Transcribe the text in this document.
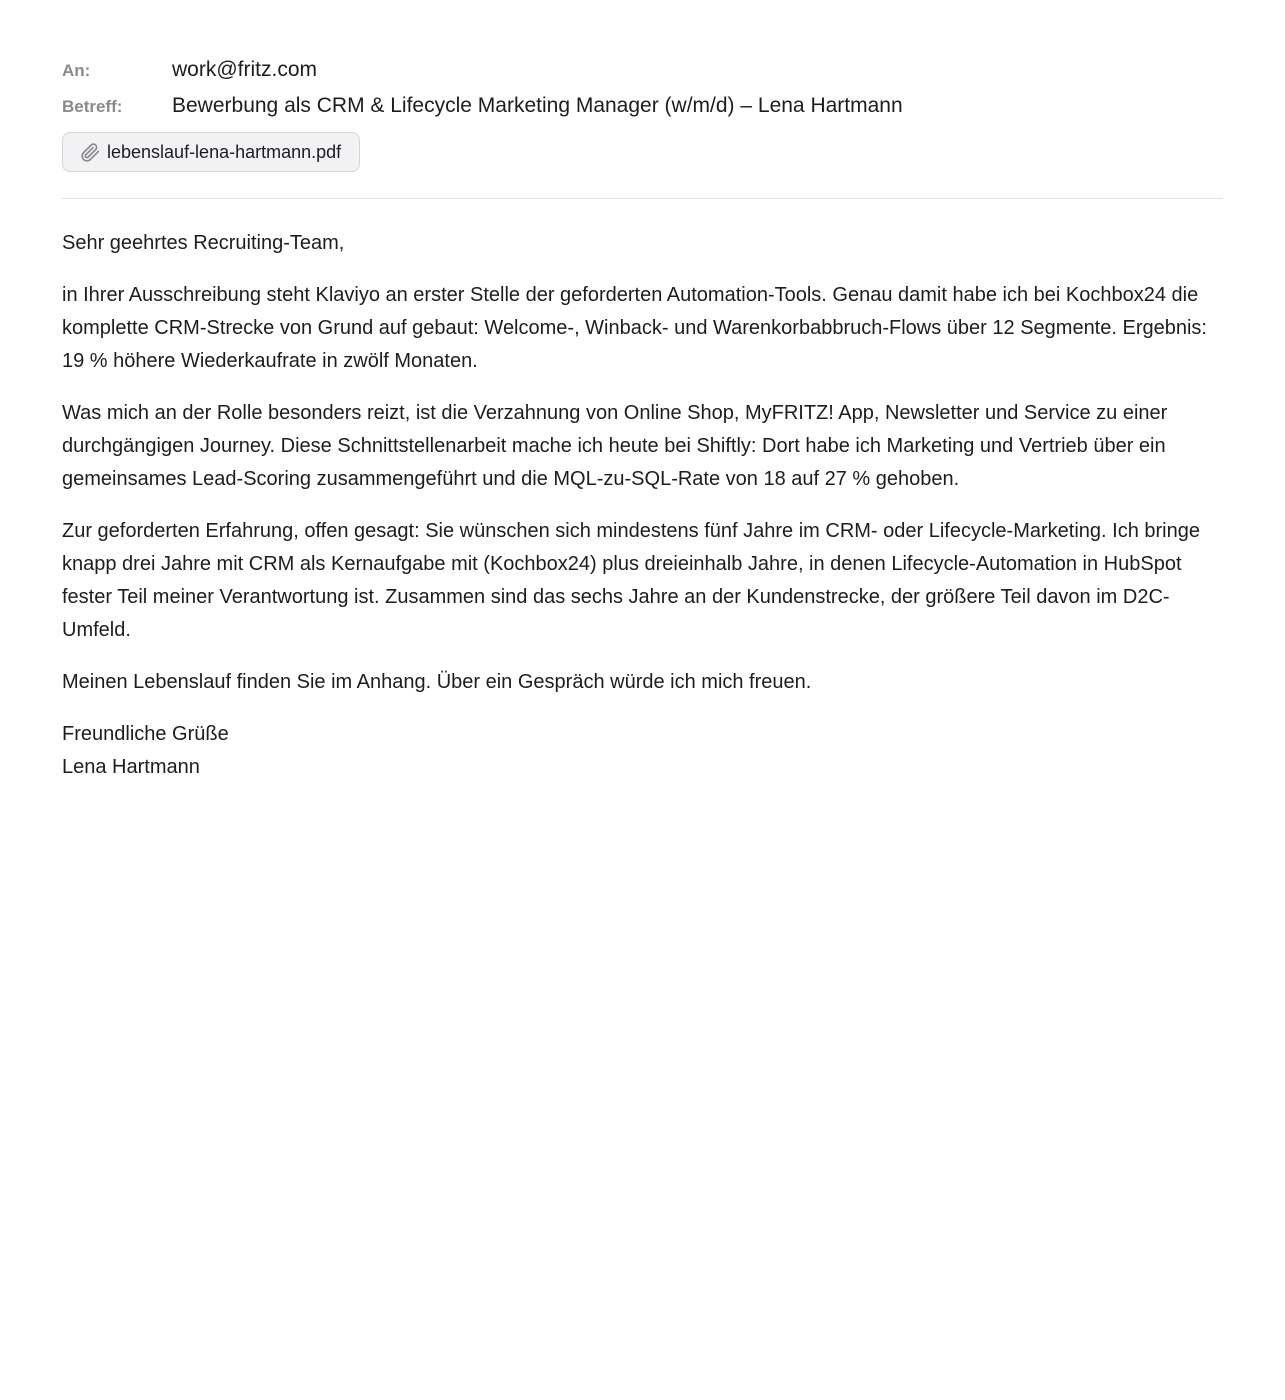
An:	work@fritz.com
Betreff:	Bewerbung als CRM & Lifecycle Marketing Manager (w/m/d) – Lena Hartmann
lebenslauf-lena-hartmann.pdf

Sehr geehrtes Recruiting-Team,

in Ihrer Ausschreibung steht Klaviyo an erster Stelle der geforderten Automation-Tools. Genau damit habe ich bei Kochbox24 die komplette CRM-Strecke von Grund auf gebaut: Welcome-, Winback- und Warenkorbabbruch-Flows über 12 Segmente. Ergebnis: 19 % höhere Wiederkaufrate in zwölf Monaten.

Was mich an der Rolle besonders reizt, ist die Verzahnung von Online Shop, MyFRITZ! App, Newsletter und Service zu einer durchgängigen Journey. Diese Schnittstellenarbeit mache ich heute bei Shiftly: Dort habe ich Marketing und Vertrieb über ein gemeinsames Lead-Scoring zusammengeführt und die MQL-zu-SQL-Rate von 18 auf 27 % gehoben.

Zur geforderten Erfahrung, offen gesagt: Sie wünschen sich mindestens fünf Jahre im CRM- oder Lifecycle-Marketing. Ich bringe knapp drei Jahre mit CRM als Kernaufgabe mit (Kochbox24) plus dreieinhalb Jahre, in denen Lifecycle-Automation in HubSpot fester Teil meiner Verantwortung ist. Zusammen sind das sechs Jahre an der Kundenstrecke, der größere Teil davon im D2C-Umfeld.

Meinen Lebenslauf finden Sie im Anhang. Über ein Gespräch würde ich mich freuen.

Freundliche Grüße
Lena Hartmann
